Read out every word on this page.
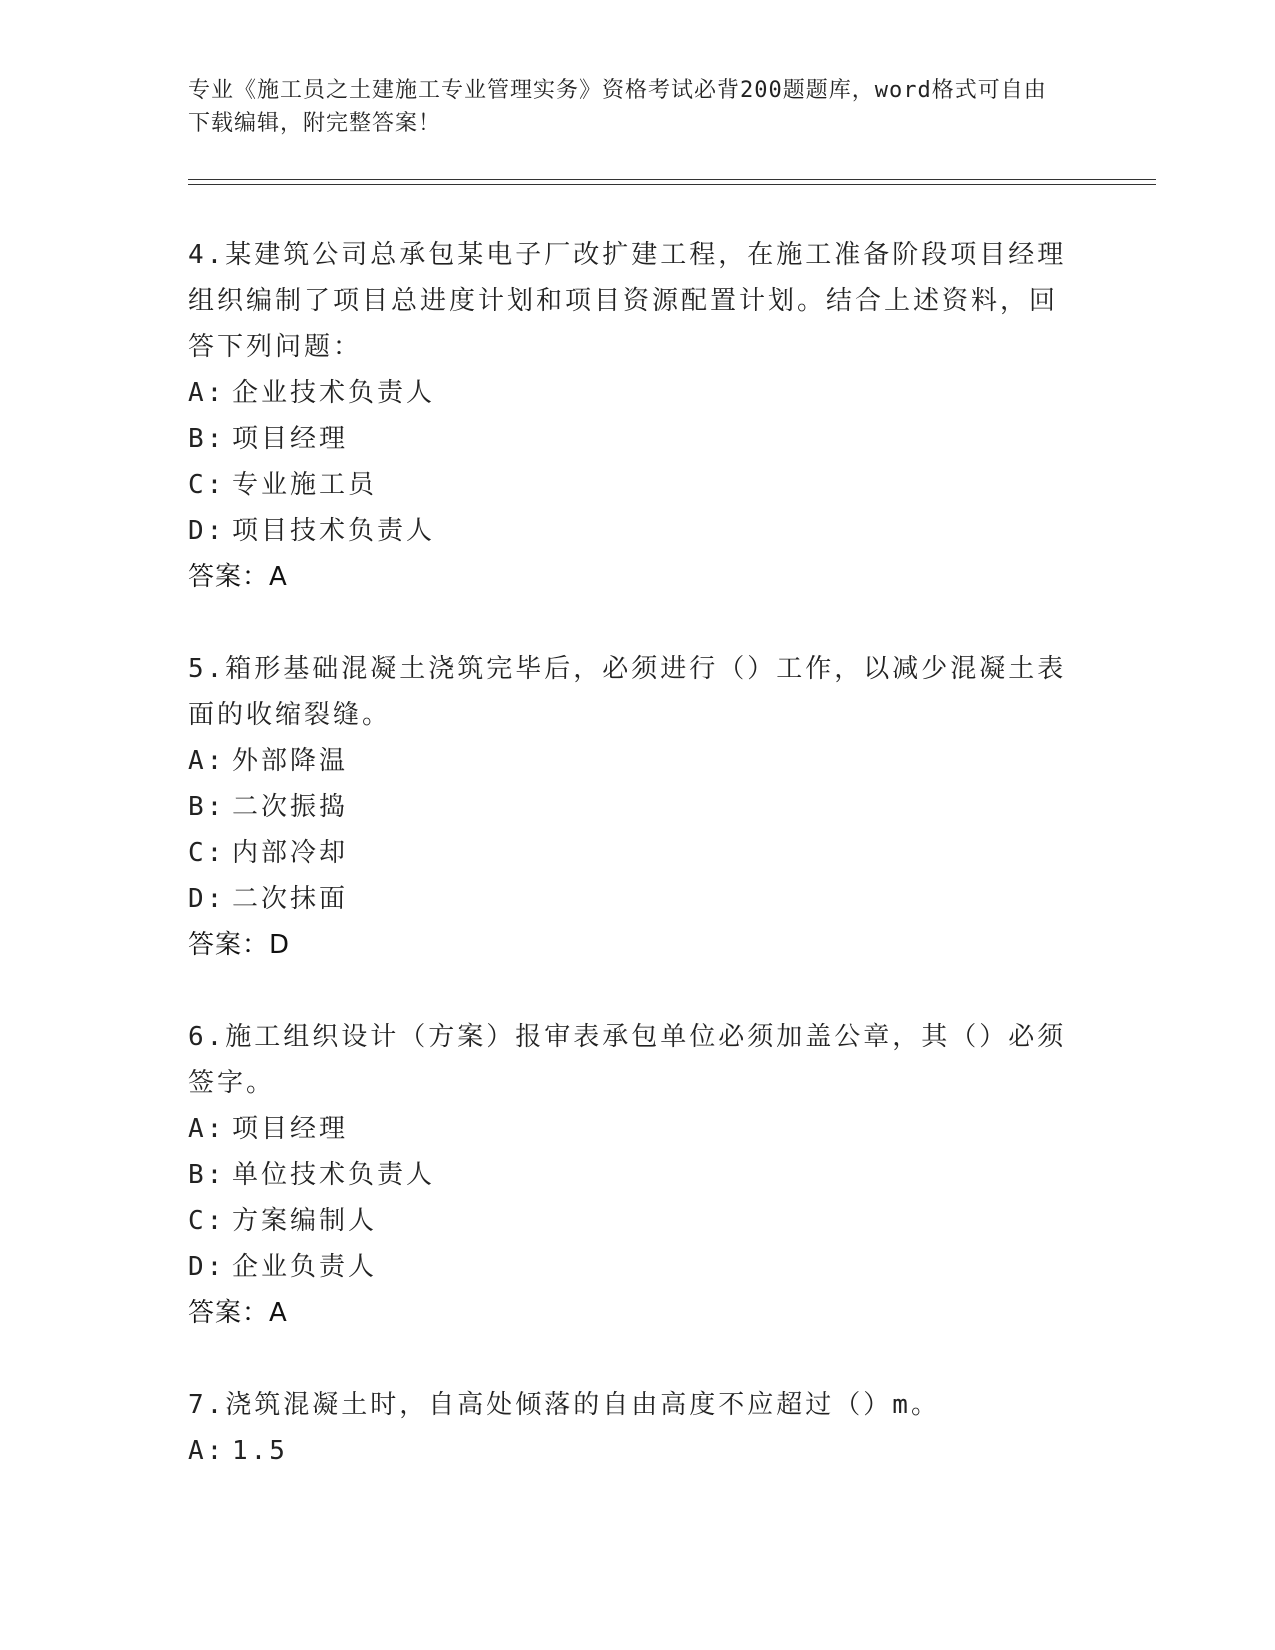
专业《施工员之土建施工专业管理实务》资格考试必背200题题库，word格式可自由下载编辑，附完整答案！

4.某建筑公司总承包某电子厂改扩建工程，在施工准备阶段项目经理组织编制了项目总进度计划和项目资源配置计划。结合上述资料，回答下列问题：

A: 企业技术负责人
B: 项目经理
C: 专业施工员
D: 项目技术负责人

答案：A

5.箱形基础混凝土浇筑完毕后，必须进行（）工作，以减少混凝土表面的收缩裂缝。

A: 外部降温
B: 二次振捣
C: 内部冷却
D: 二次抹面

答案：D

6.施工组织设计（方案）报审表承包单位必须加盖公章，其（）必须签字。

A: 项目经理
B: 单位技术负责人
C: 方案编制人
D: 企业负责人

答案：A

7.浇筑混凝土时，自高处倾落的自由高度不应超过（）m。

A: 1.5
